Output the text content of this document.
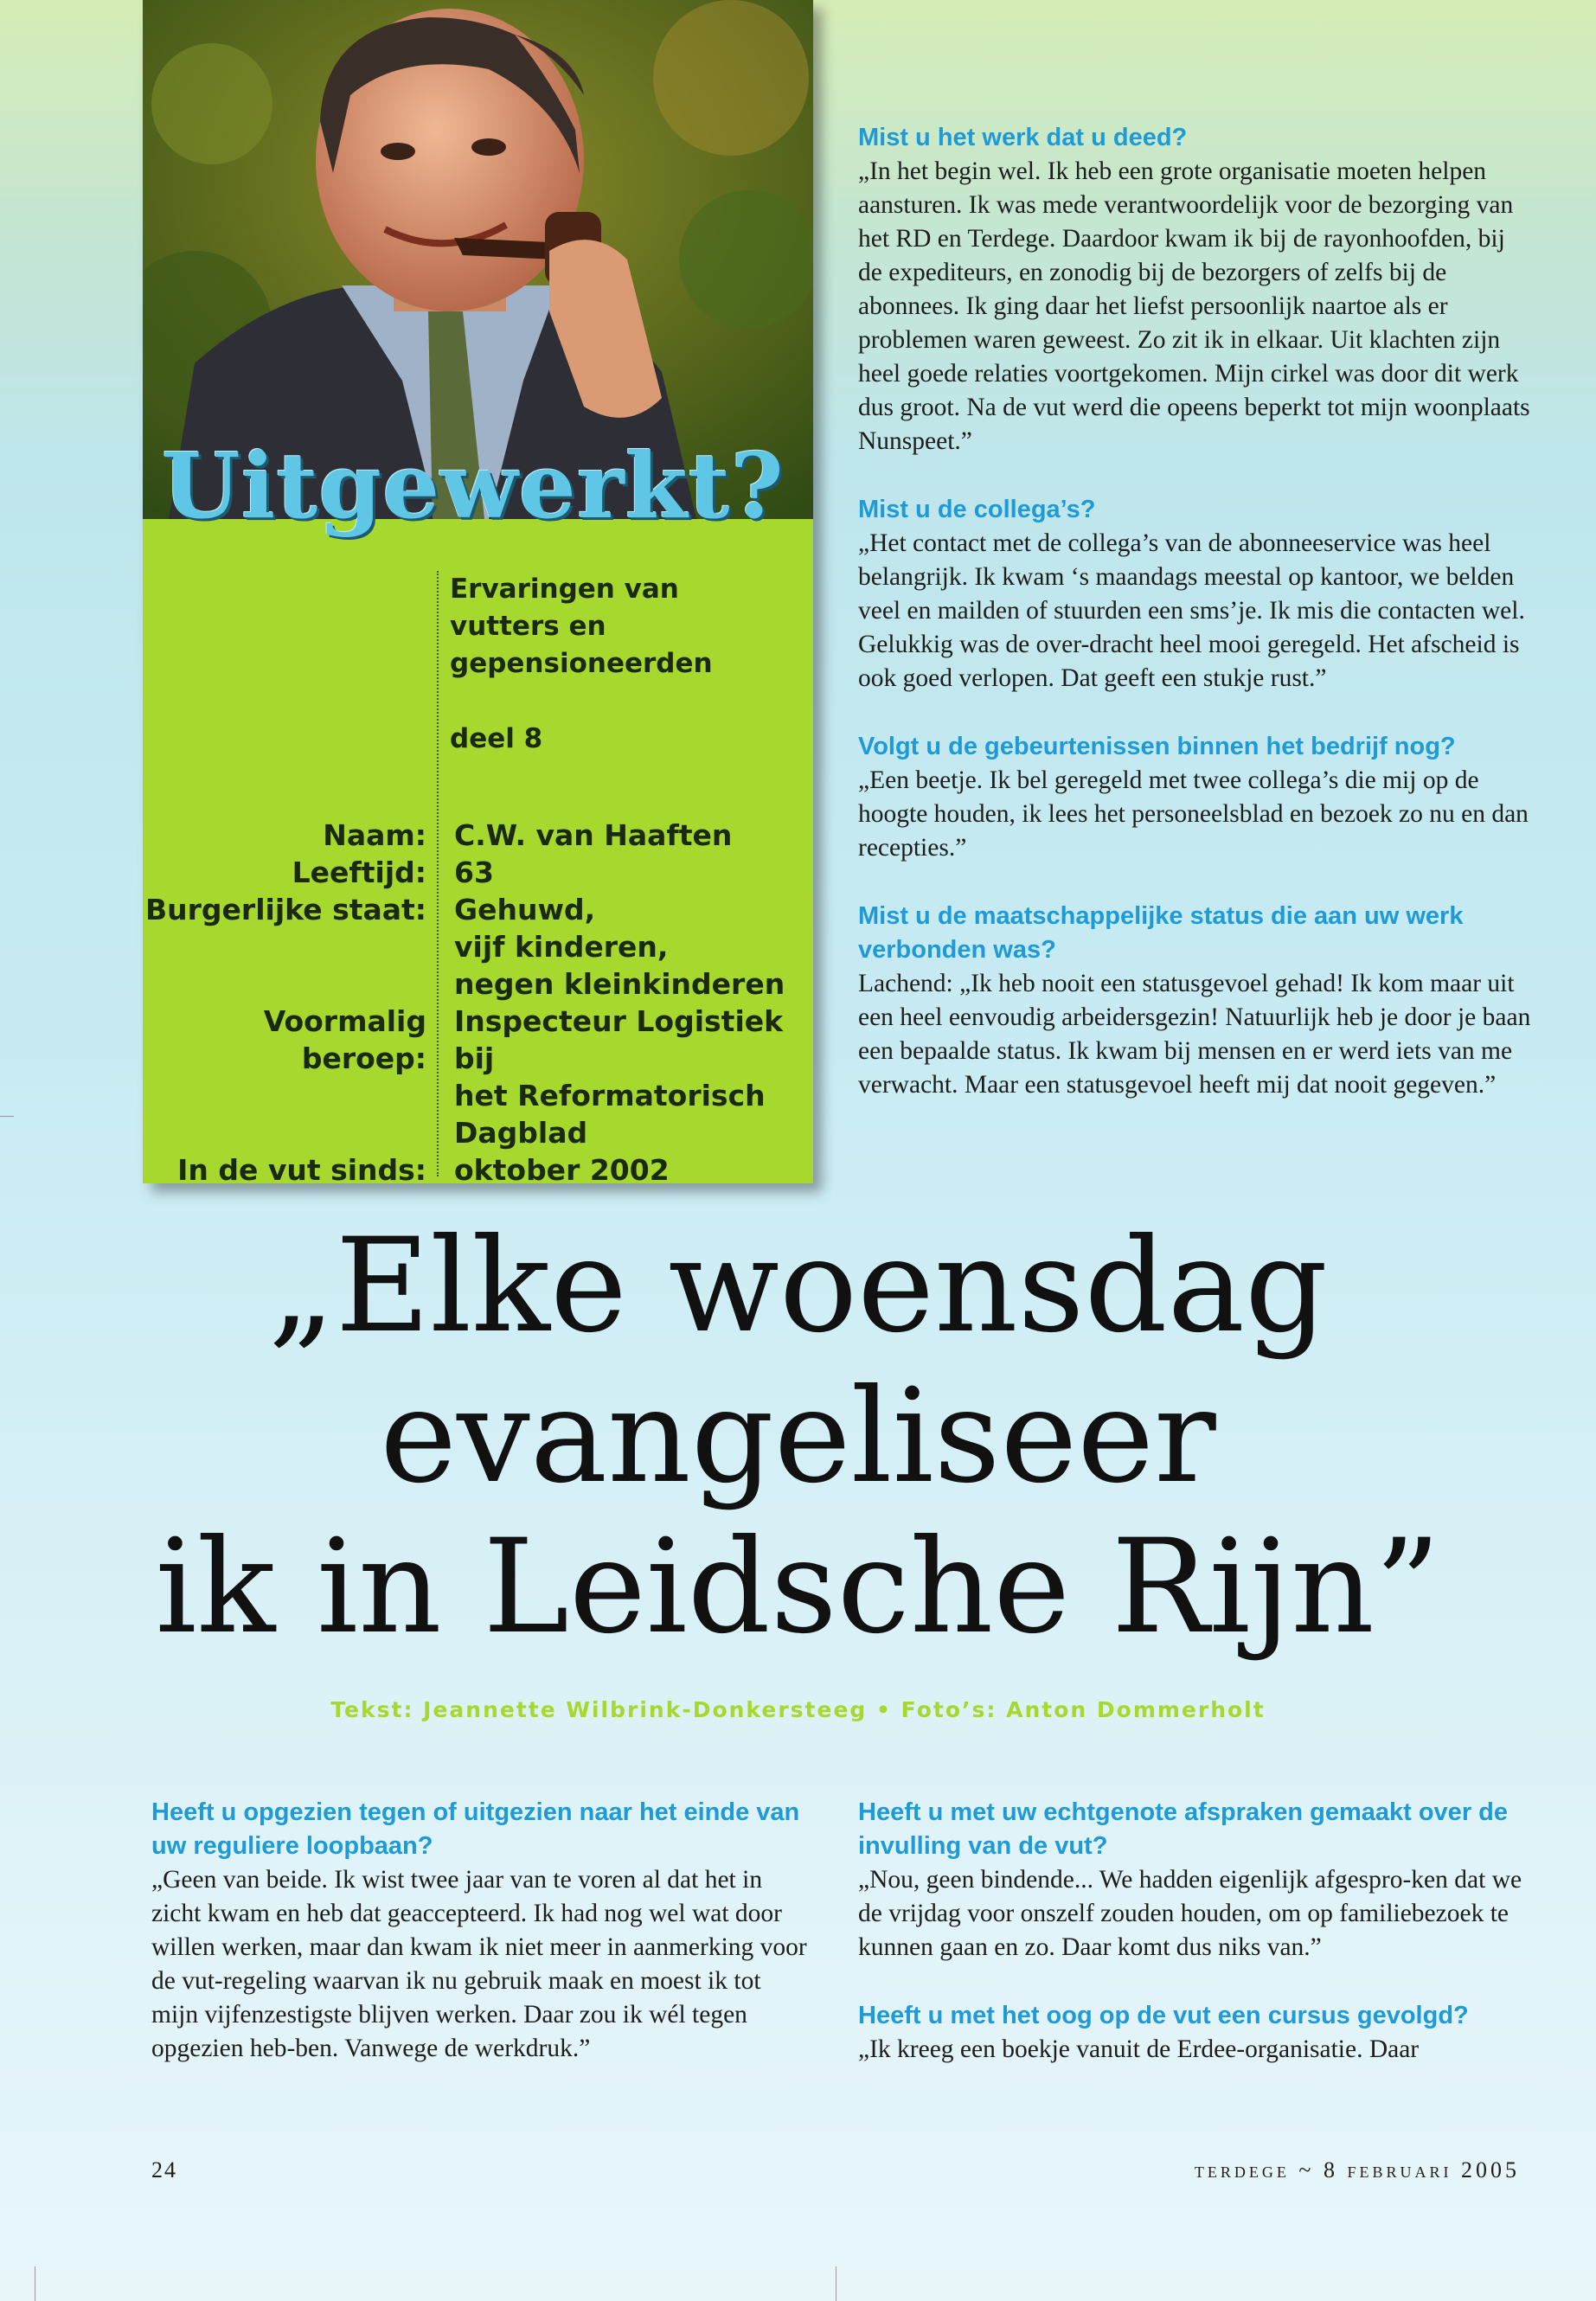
Uitgewerkt?
Ervaringen van
vutters en
gepensioneerden
deel 8
Naam: C.W. van Haaften
Leeftijd: 63
Burgerlijke staat: Gehuwd,
vijf kinderen,
negen kleinkinderen
Voormalig beroep:
Inspecteur Logistiek bij
het Reformatorisch
Dagblad
In de vut sinds: oktober 2002
Mist u het werk dat u deed?
„In het begin wel. Ik heb een grote organisatie moeten helpen aansturen. Ik was mede verantwoordelijk voor de bezorging van het RD en Terdege. Daardoor kwam ik bij de rayonhoofden, bij de expediteurs, en zonodig bij de bezorgers of zelfs bij de abonnees. Ik ging daar het liefst persoonlijk naartoe als er problemen waren geweest. Zo zit ik in elkaar. Uit klachten zijn heel goede relaties voortgekomen. Mijn cirkel was door dit werk dus groot. Na de vut werd die opeens beperkt tot mijn woonplaats Nunspeet.”
Mist u de collega’s?
„Het contact met de collega’s van de abonneeservice was heel belangrijk. Ik kwam ‘s maandags meestal op kantoor, we belden veel en mailden of stuurden een sms’je. Ik mis die contacten wel. Gelukkig was de over-dracht heel mooi geregeld. Het afscheid is ook goed verlopen. Dat geeft een stukje rust.”
Volgt u de gebeurtenissen binnen het bedrijf nog?
„Een beetje. Ik bel geregeld met twee collega’s die mij op de hoogte houden, ik lees het personeelsblad en bezoek zo nu en dan recepties.”
Mist u de maatschappelijke status die aan uw werk verbonden was?
Lachend: „Ik heb nooit een statusgevoel gehad! Ik kom maar uit een heel eenvoudig arbeidersgezin! Natuurlijk heb je door je baan een bepaalde status. Ik kwam bij mensen en er werd iets van me verwacht. Maar een statusgevoel heeft mij dat nooit gegeven.”
„Elke woensdag
evangeliseer
ik in Leidsche Rijn”
Tekst: Jeannette Wilbrink-Donkersteeg • Foto’s: Anton Dommerholt
Heeft u opgezien tegen of uitgezien naar het einde van uw reguliere loopbaan?
„Geen van beide. Ik wist twee jaar van te voren al dat het in zicht kwam en heb dat geaccepteerd. Ik had nog wel wat door willen werken, maar dan kwam ik niet meer in aanmerking voor de vut-regeling waarvan ik nu gebruik maak en moest ik tot mijn vijfenzestigste blijven werken. Daar zou ik wél tegen opgezien heb-ben. Vanwege de werkdruk.”
Heeft u met uw echtgenote afspraken gemaakt over de invulling van de vut?
„Nou, geen bindende... We hadden eigenlijk afgespro-ken dat we de vrijdag voor onszelf zouden houden, om op familiebezoek te kunnen gaan en zo. Daar komt dus niks van.”
Heeft u met het oog op de vut een cursus gevolgd?
„Ik kreeg een boekje vanuit de Erdee-organisatie. Daar
24	terdege ~ 8 februari 2005
